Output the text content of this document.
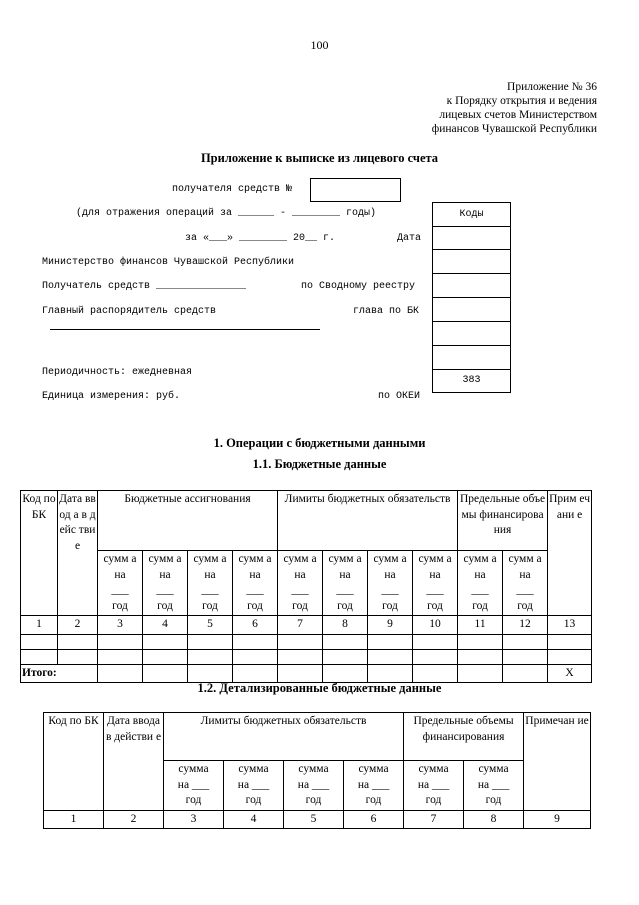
100
Приложение № 36
к Порядку открытия и ведения
лицевых счетов Министерством
финансов Чувашской Республики
Приложение к выписке из лицевого счета
получателя средств №
(для отражения операций за ______ - ________ годы)
за «___» ________ 20__ г.	Дата
Министерство финансов Чувашской Республики
Получатель средств _______________	по Сводному реестру
Главный распорядитель средств	глава по БК
Периодичность: ежедневная
Единица измерения: руб.	по ОКЕИ
Коды
383
1. Операции с бюджетными данными
1.1. Бюджетные данные
Код по БК	Дата ввод а в дейс твие	Бюджетные ассигнования				Лимиты бюджетных обязательств				Предельные объемы финансирова ния		Прим ечани е

		сумм а на
___
год	сумм а на
___
год	сумм а на
___
год	сумм а на
___
год	сумм а на
___
год	сумм а на
___
год	сумм а на
___
год	сумм а на
___
год	сумм а на
___
год	сумм а на
___
год	

1	2	3	4	5	6	7	8	9	10	11	12	13

Итого:												X
1.2. Детализированные бюджетные данные
Код по БК	Дата ввода в действи е	Лимиты бюджетных обязательств				Предельные объемы финансирования		Примечан ие

		сумма
на ___
год	сумма
на ___
год	сумма
на ___
год	сумма
на ___
год	сумма
на ___
год	сумма
на ___
год	

1	2	3	4	5	6	7	8	9
